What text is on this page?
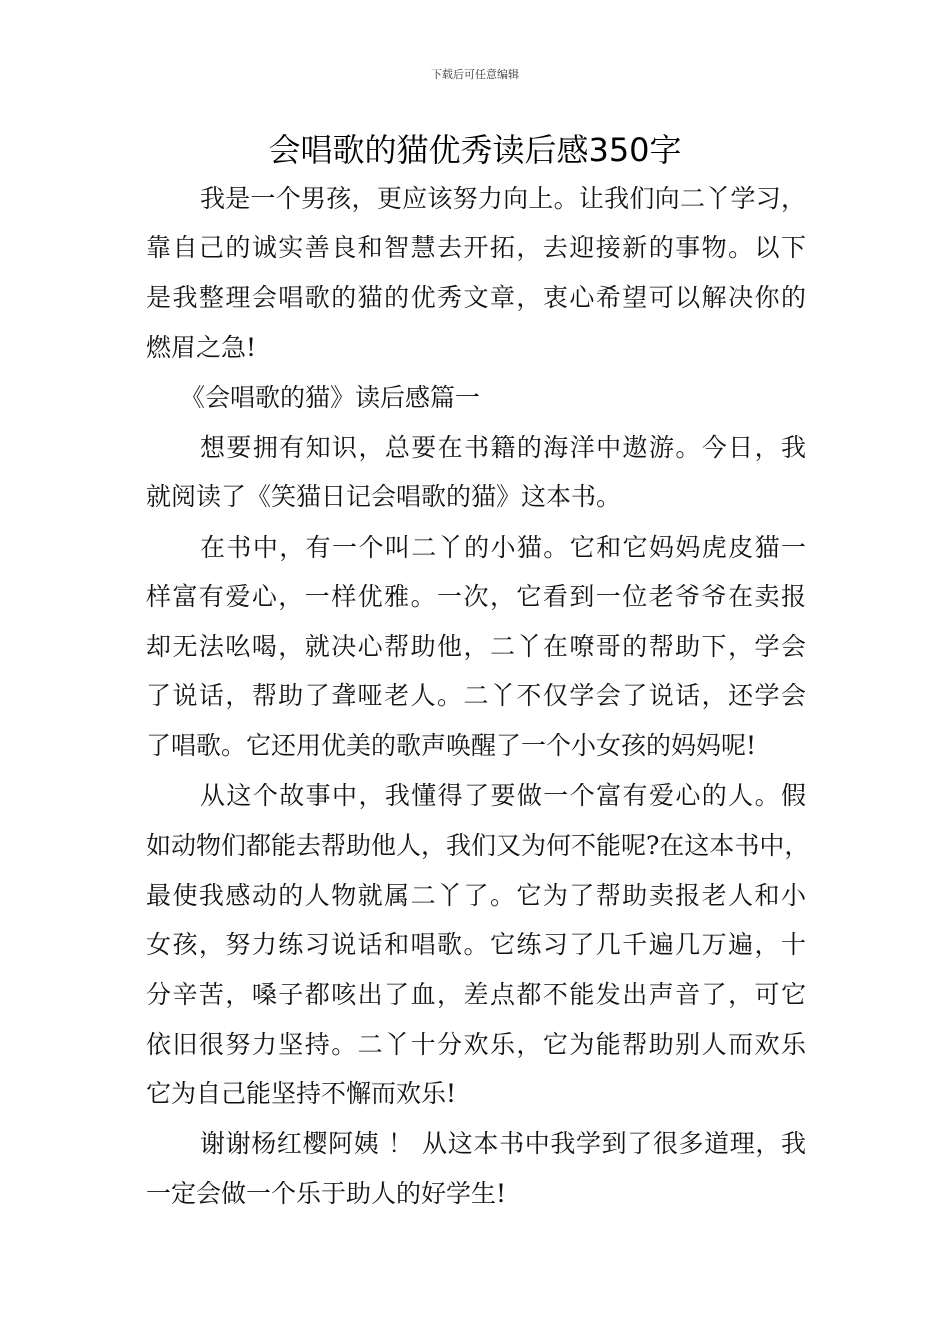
下载后可任意编辑
会唱歌的猫优秀读后感350字
我是一个男孩，更应该努力向上。让我们向二丫学习，
靠自己的诚实善良和智慧去开拓，去迎接新的事物。以下
是我整理会唱歌的猫的优秀文章，衷心希望可以解决你的
燃眉之急!
《会唱歌的猫》读后感篇一
想要拥有知识，总要在书籍的海洋中遨游。今日，我
就阅读了《笑猫日记会唱歌的猫》这本书。
在书中，有一个叫二丫的小猫。它和它妈妈虎皮猫一
样富有爱心，一样优雅。一次，它看到一位老爷爷在卖报
却无法吆喝，就决心帮助他，二丫在嘹哥的帮助下，学会
了说话，帮助了聋哑老人。二丫不仅学会了说话，还学会
了唱歌。它还用优美的歌声唤醒了一个小女孩的妈妈呢!
从这个故事中，我懂得了要做一个富有爱心的人。假
如动物们都能去帮助他人，我们又为何不能呢?在这本书中，
最使我感动的人物就属二丫了。它为了帮助卖报老人和小
女孩，努力练习说话和唱歌。它练习了几千遍几万遍，十
分辛苦，嗓子都咳出了血，差点都不能发出声音了，可它
依旧很努力坚持。二丫十分欢乐，它为能帮助别人而欢乐
它为自己能坚持不懈而欢乐!
谢谢杨红樱阿姨 ！ 从这本书中我学到了很多道理，我
一定会做一个乐于助人的好学生!
